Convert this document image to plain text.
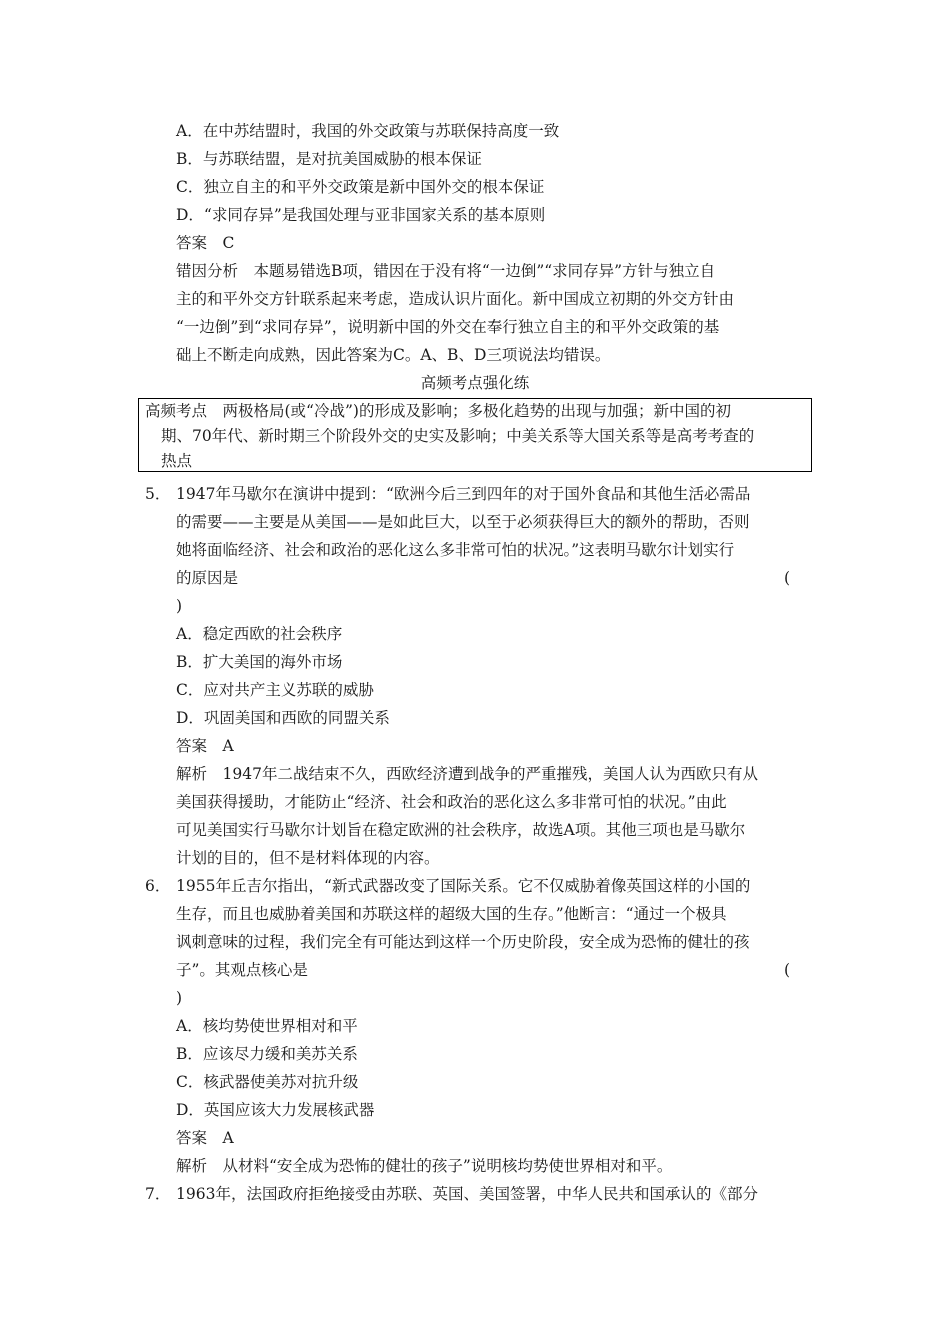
A．在中苏结盟时，我国的外交政策与苏联保持高度一致
B．与苏联结盟，是对抗美国威胁的根本保证
C．独立自主的和平外交政策是新中国外交的根本保证
D．“求同存异”是我国处理与亚非国家关系的基本原则
答案　C
错因分析　本题易错选B项，错因在于没有将“一边倒”“求同存异”方针与独立自
主的和平外交方针联系起来考虑，造成认识片面化。新中国成立初期的外交方针由
“一边倒”到“求同存异”，说明新中国的外交在奉行独立自主的和平外交政策的基
础上不断走向成熟，因此答案为C。A、B、D三项说法均错误。
高频考点强化练
高频考点　两极格局(或“冷战”)的形成及影响；多极化趋势的出现与加强；新中国的初
期、70年代、新时期三个阶段外交的史实及影响；中美关系等大国关系等是高考考查的
热点
5． 1947年马歇尔在演讲中提到：“欧洲今后三到四年的对于国外食品和其他生活必需品
的需要——主要是从美国——是如此巨大，以至于必须获得巨大的额外的帮助，否则
她将面临经济、社会和政治的恶化这么多非常可怕的状况。”这表明马歇尔计划实行
的原因是	(
)
A．稳定西欧的社会秩序
B．扩大美国的海外市场
C．应对共产主义苏联的威胁
D．巩固美国和西欧的同盟关系
答案　A
解析　1947年二战结束不久，西欧经济遭到战争的严重摧残，美国人认为西欧只有从
美国获得援助，才能防止“经济、社会和政治的恶化这么多非常可怕的状况。”由此
可见美国实行马歇尔计划旨在稳定欧洲的社会秩序，故选A项。其他三项也是马歇尔
计划的目的，但不是材料体现的内容。
6． 1955年丘吉尔指出，“新式武器改变了国际关系。它不仅威胁着像英国这样的小国的
生存，而且也威胁着美国和苏联这样的超级大国的生存。”他断言：“通过一个极具
讽刺意味的过程，我们完全有可能达到这样一个历史阶段，安全成为恐怖的健壮的孩
子”。其观点核心是	(
)
A．核均势使世界相对和平
B．应该尽力缓和美苏关系
C．核武器使美苏对抗升级
D．英国应该大力发展核武器
答案　A
解析　从材料“安全成为恐怖的健壮的孩子”说明核均势使世界相对和平。
7． 1963年，法国政府拒绝接受由苏联、英国、美国签署，中华人民共和国承认的《部分
